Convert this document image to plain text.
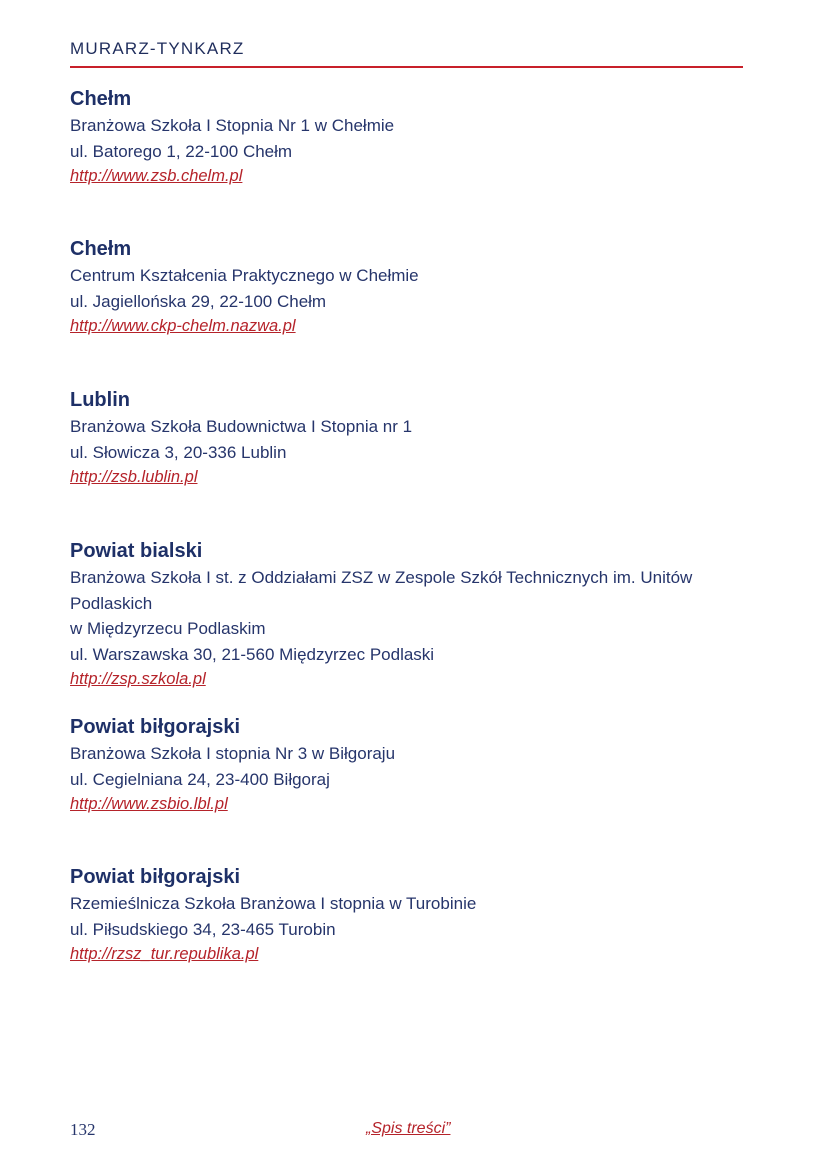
MURARZ-TYNKARZ
Chełm
Branżowa Szkoła I Stopnia Nr 1 w Chełmie
ul. Batorego 1, 22-100 Chełm
http://www.zsb.chelm.pl
Chełm
Centrum Kształcenia Praktycznego w Chełmie
ul. Jagiellońska 29, 22-100 Chełm
http://www.ckp-chelm.nazwa.pl
Lublin
Branżowa Szkoła Budownictwa I Stopnia nr 1
ul. Słowicza 3, 20-336 Lublin
http://zsb.lublin.pl
Powiat bialski
Branżowa Szkoła I st. z Oddziałami ZSZ w Zespole Szkół Technicznych im. Unitów Podlaskich
w Międzyrzecu Podlaskim
ul. Warszawska 30, 21-560 Międzyrzec Podlaski
http://zsp.szkola.pl
Powiat biłgorajski
Branżowa Szkoła I stopnia Nr 3 w Biłgoraju
ul. Cegielniana 24, 23-400 Biłgoraj
http://www.zsbio.lbl.pl
Powiat biłgorajski
Rzemieślnicza Szkoła Branżowa I stopnia w Turobinie
ul. Piłsudskiego 34, 23-465 Turobin
http://rzsz_tur.republika.pl
132	„Spis treści”
